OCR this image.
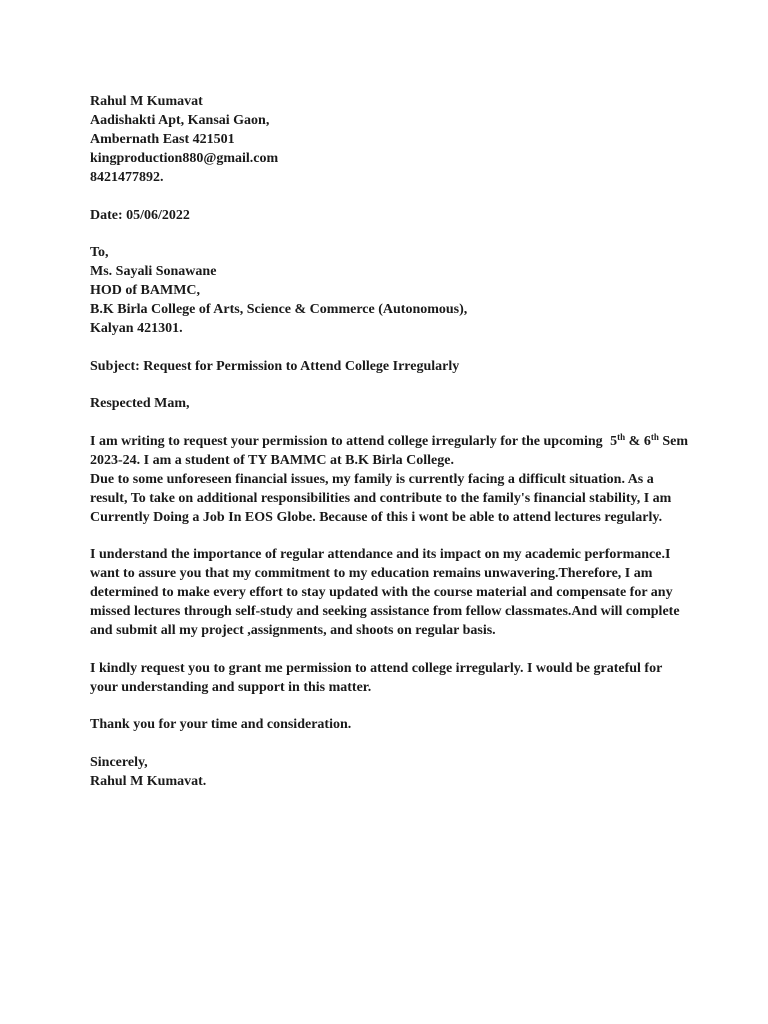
Rahul M Kumavat
Aadishakti Apt, Kansai Gaon,
Ambernath East 421501
kingproduction880@gmail.com
8421477892.
Date: 05/06/2022
To,
Ms. Sayali Sonawane
HOD of BAMMC,
B.K Birla College of Arts, Science & Commerce (Autonomous),
Kalyan 421301.
Subject: Request for Permission to Attend College Irregularly
Respected Mam,
I am writing to request your permission to attend college irregularly for the upcoming 5th & 6th Sem
2023-24. I am a student of TY BAMMC at B.K Birla College.
Due to some unforeseen financial issues, my family is currently facing a difficult situation. As a
result, To take on additional responsibilities and contribute to the family's financial stability, I am
Currently Doing a Job In EOS Globe. Because of this i wont be able to attend lectures regularly.
I understand the importance of regular attendance and its impact on my academic performance.I
want to assure you that my commitment to my education remains unwavering.Therefore, I am
determined to make every effort to stay updated with the course material and compensate for any
missed lectures through self-study and seeking assistance from fellow classmates.And will complete
and submit all my project ,assignments, and shoots on regular basis.
I kindly request you to grant me permission to attend college irregularly. I would be grateful for
your understanding and support in this matter.
Thank you for your time and consideration.
Sincerely,
Rahul M Kumavat.
